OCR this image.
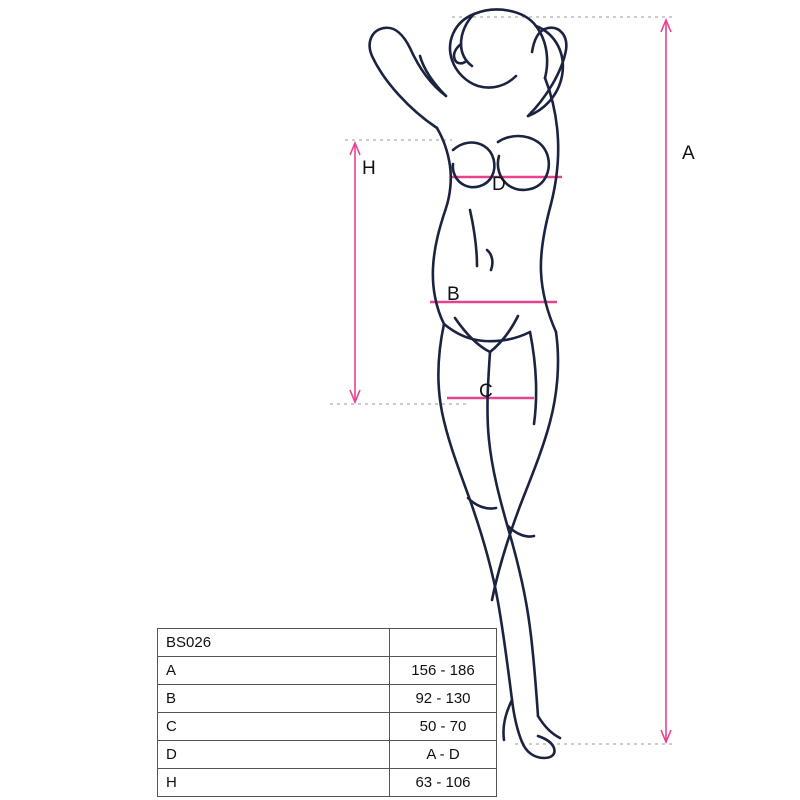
A
B
C
D
H
BS026	
A	156 - 186
B	92 - 130
C	50 - 70
D	A - D
H	63 - 106
